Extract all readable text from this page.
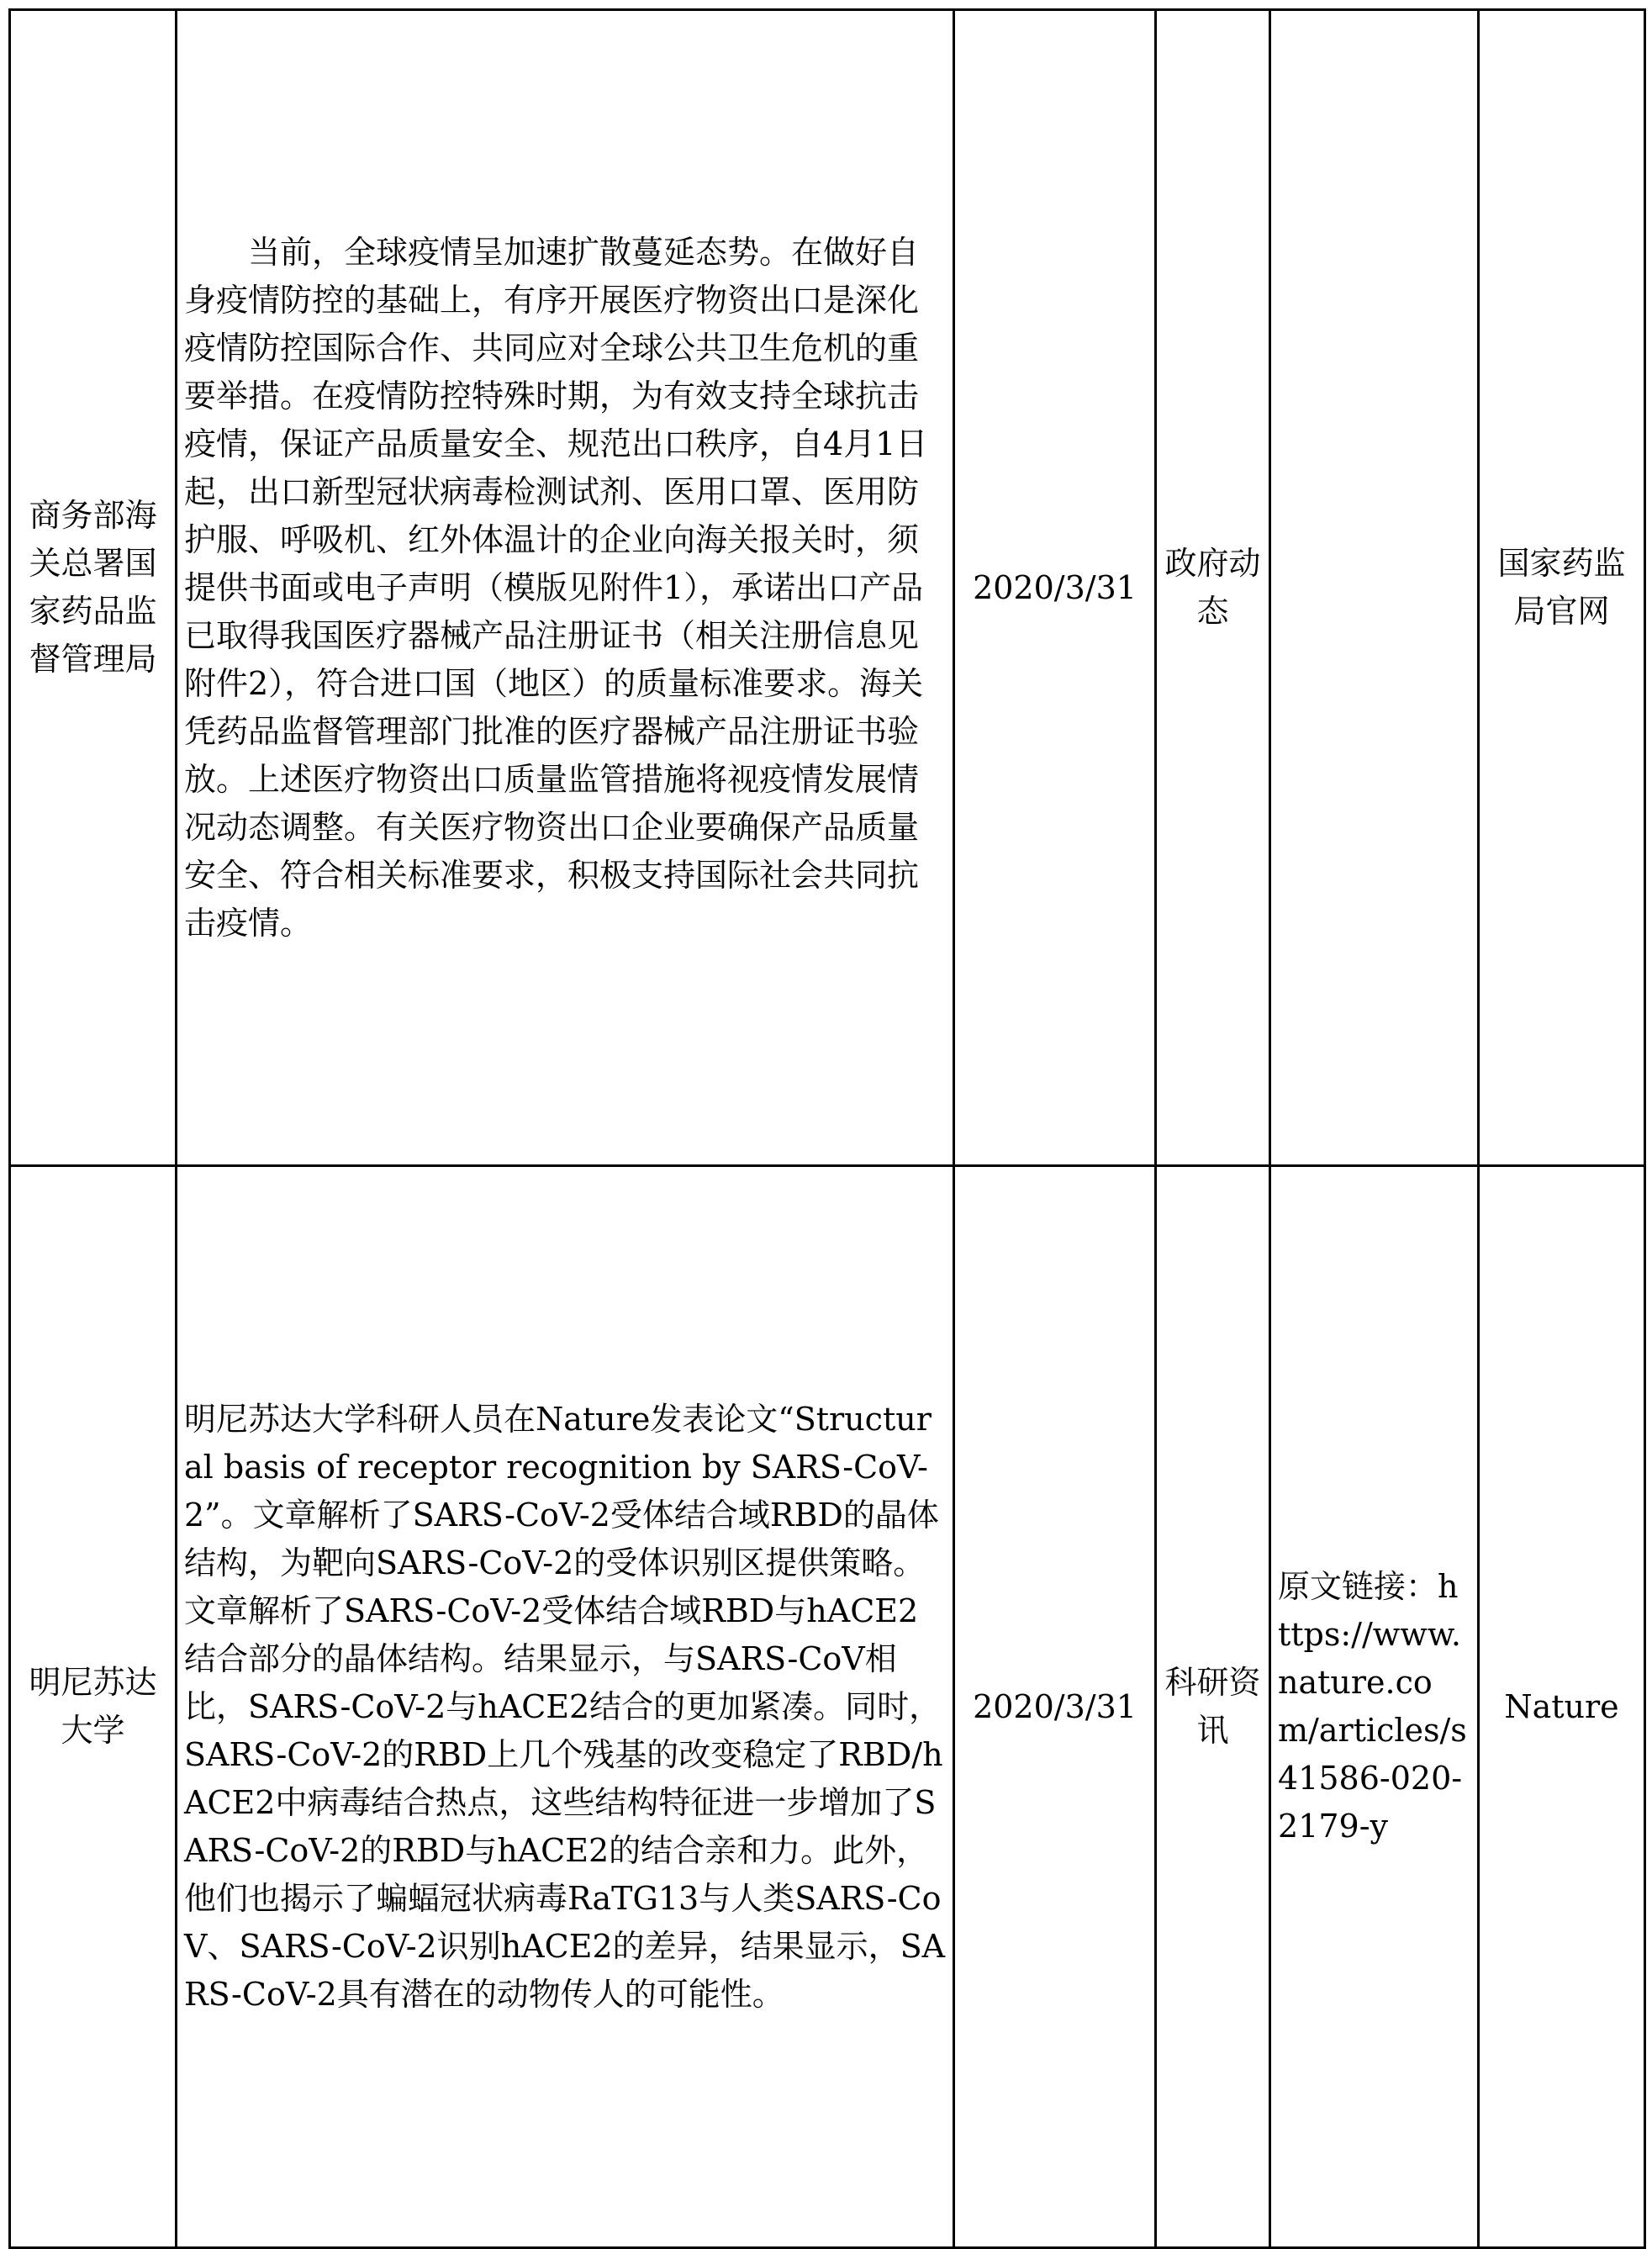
商务部海关总署国家药品监督管理局	当前，全球疫情呈加速扩散蔓延态势。在做好自身疫情防控的基础上，有序开展医疗物资出口是深化疫情防控国际合作、共同应对全球公共卫生危机的重要举措。在疫情防控特殊时期，为有效支持全球抗击疫情，保证产品质量安全、规范出口秩序，自4月1日起，出口新型冠状病毒检测试剂、医用口罩、医用防护服、呼吸机、红外体温计的企业向海关报关时，须提供书面或电子声明（模版见附件1），承诺出口产品已取得我国医疗器械产品注册证书（相关注册信息见附件2），符合进口国（地区）的质量标准要求。海关凭药品监督管理部门批准的医疗器械产品注册证书验放。上述医疗物资出口质量监管措施将视疫情发展情况动态调整。有关医疗物资出口企业要确保产品质量安全、符合相关标准要求，积极支持国际社会共同抗击疫情。	2020/3/31	政府动态		国家药监局官网
明尼苏达大学	明尼苏达大学科研人员在Nature发表论文“Structural basis of receptor recognition by SARS-CoV-2”。文章解析了SARS-CoV-2受体结合域RBD的晶体结构，为靶向SARS-CoV-2的受体识别区提供策略。文章解析了SARS-CoV-2受体结合域RBD与hACE2结合部分的晶体结构。结果显示，与SARS-CoV相比，SARS-CoV-2与hACE2结合的更加紧凑。同时，SARS-CoV-2的RBD上几个残基的改变稳定了RBD/hACE2中病毒结合热点，这些结构特征进一步增加了SARS-CoV-2的RBD与hACE2的结合亲和力。此外，他们也揭示了蝙蝠冠状病毒RaTG13与人类SARS-CoV、SARS-CoV-2识别hACE2的差异，结果显示，SARS-CoV-2具有潜在的动物传人的可能性。	2020/3/31	科研资讯	原文链接：https://www.nature.com/articles/s41586-020-2179-y	Nature
